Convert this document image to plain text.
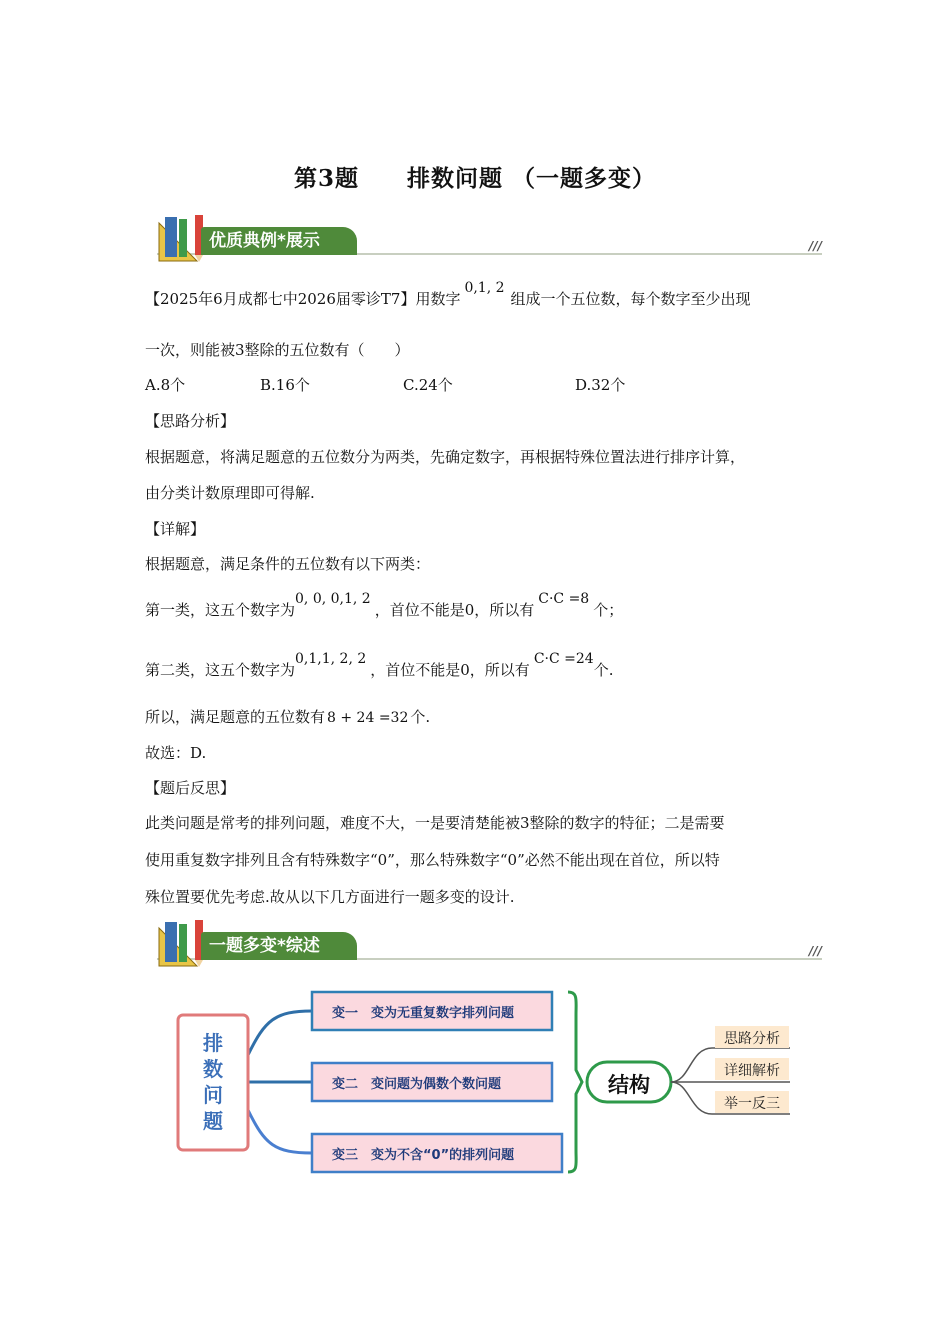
第3题 排数问题 （一题多变）
优质典例*展示	///
【2025年6月成都七中2026届零诊T7】用数字0,1, 2组成一个五位数，每个数字至少出现
一次，则能被3整除的五位数有（　　）
A.8个	B.16个	C.24个	D.32个
【思路分析】
根据题意，将满足题意的五位数分为两类，先确定数字，再根据特殊位置法进行排序计算，
由分类计数原理即可得解.
【详解】
根据题意，满足条件的五位数有以下两类：
第一类，这五个数字为0, 0, 0,1, 2，首位不能是0，所以有C·C =8个；
第二类，这五个数字为0,1,1, 2, 2，首位不能是0，所以有C·C =24个.
所以，满足题意的五位数有 8 + 24 =32 个.
故选：D.
【题后反思】
此类问题是常考的排列问题，难度不大，一是要清楚能被3整除的数字的特征；二是需要
使用重复数字排列且含有特殊数字“0”，那么特殊数字“0”必然不能出现在首位，所以特
殊位置要优先考虑.故从以下几方面进行一题多变的设计.
一题多变*综述	///
排数问题
变一　变为无重复数字排列问题
变二　变问题为偶数个数问题
变三　变为不含“0”的排列问题
结构
思路分析
详细解析
举一反三
